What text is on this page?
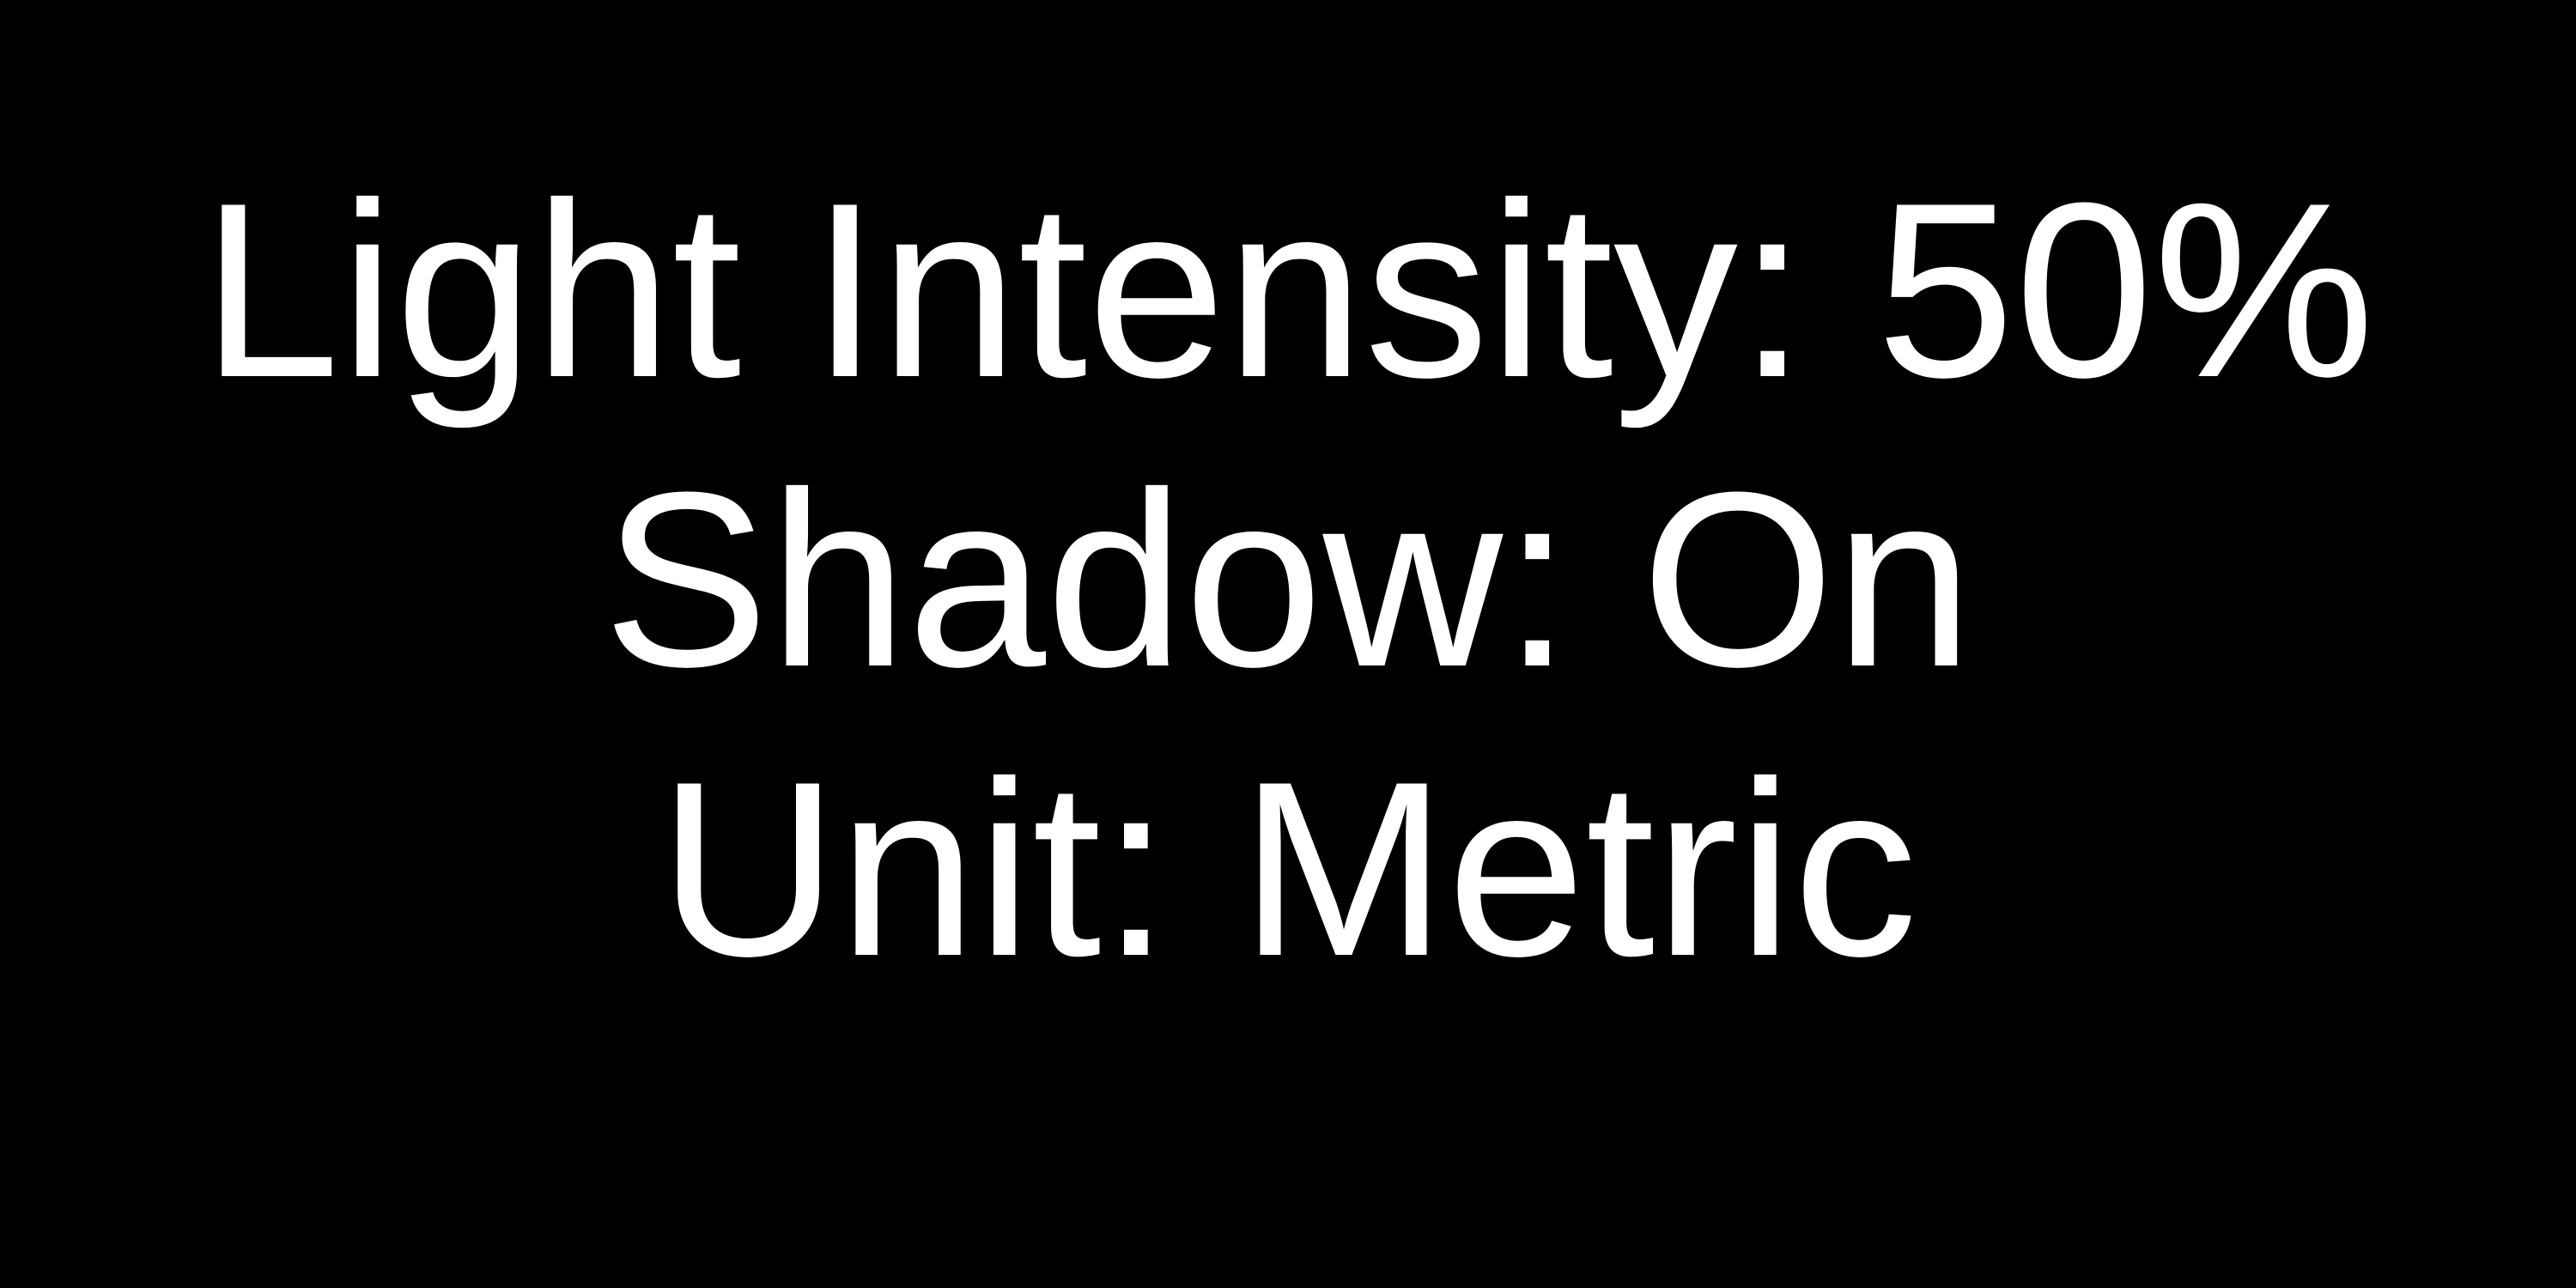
Light Intensity: 50%
Shadow: On
Unit: Metric
